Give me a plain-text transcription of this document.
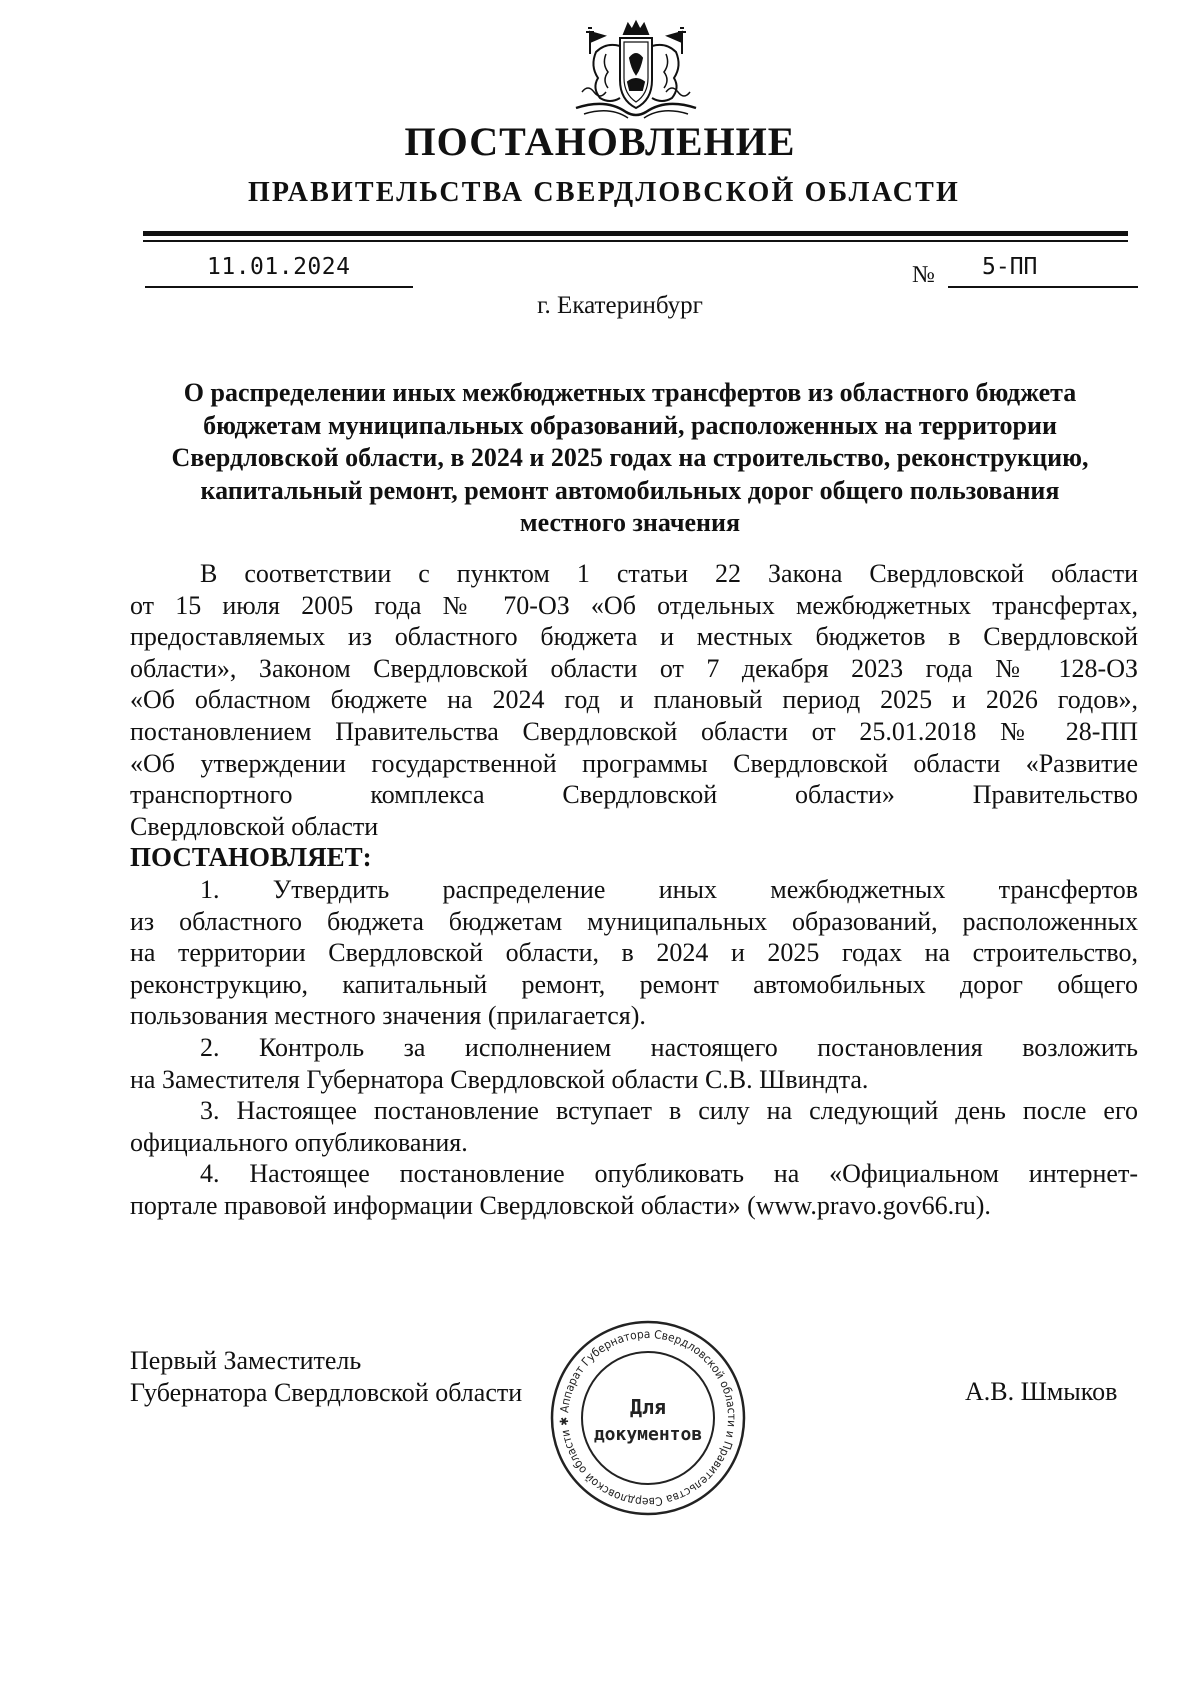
ПОСТАНОВЛЕНИЕ
ПРАВИТЕЛЬСТВА СВЕРДЛОВСКОЙ ОБЛАСТИ
11.01.2024	№ 5-ПП
г. Екатеринбург
О распределении иных межбюджетных трансфертов из областного бюджета
бюджетам муниципальных образований, расположенных на территории
Свердловской области, в 2024 и 2025 годах на строительство, реконструкцию,
капитальный ремонт, ремонт автомобильных дорог общего пользования
местного значения
В соответствии с пунктом 1 статьи 22 Закона Свердловской области
от 15 июля 2005 года № 70-ОЗ «Об отдельных межбюджетных трансфертах,
предоставляемых из областного бюджета и местных бюджетов в Свердловской
области», Законом Свердловской области от 7 декабря 2023 года № 128-ОЗ
«Об областном бюджете на 2024 год и плановый период 2025 и 2026 годов»,
постановлением Правительства Свердловской области от 25.01.2018 № 28-ПП
«Об утверждении государственной программы Свердловской области «Развитие
транспортного комплекса Свердловской области» Правительство
Свердловской области
ПОСТАНОВЛЯЕТ:
1. Утвердить распределение иных межбюджетных трансфертов
из областного бюджета бюджетам муниципальных образований, расположенных
на территории Свердловской области, в 2024 и 2025 годах на строительство,
реконструкцию, капитальный ремонт, ремонт автомобильных дорог общего
пользования местного значения (прилагается).
2. Контроль за исполнением настоящего постановления возложить
на Заместителя Губернатора Свердловской области С.В. Швиндта.
3. Настоящее постановление вступает в силу на следующий день после его
официального опубликования.
4. Настоящее постановление опубликовать на «Официальном интернет-
портале правовой информации Свердловской области» (www.pravo.gov66.ru).
Первый Заместитель
Губернатора Свердловской области	А.В. Шмыков
Аппарат Губернатора Свердловской области и Правительства Свердловской области ✱
Для
документов
